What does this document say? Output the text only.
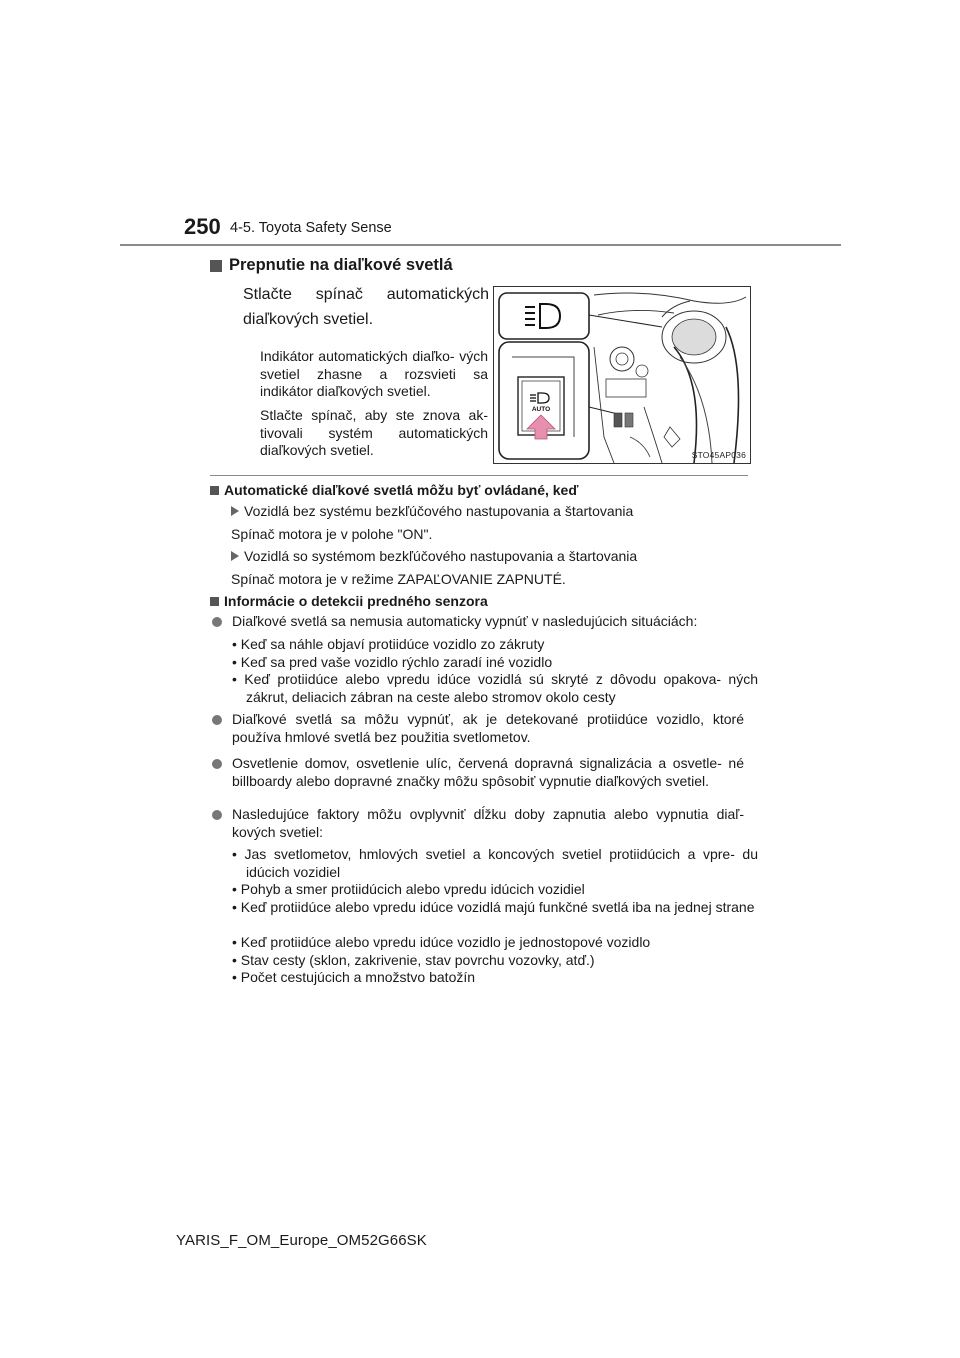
250 4-5. Toyota Safety Sense
Prepnutie na diaľkové svetlá
Stlačte spínač automatických diaľkových svetiel.
Indikátor automatických diaľko- vých svetiel zhasne a rozsvieti sa indikátor diaľkových svetiel.
Stlačte spínač, aby ste znova ak- tivovali systém automatických diaľkových svetiel.
AUTO
STO45AP036
Automatické diaľkové svetlá môžu byť ovládané, keď
Vozidlá bez systému bezkľúčového nastupovania a štartovania
Spínač motora je v polohe "ON".
Vozidlá so systémom bezkľúčového nastupovania a štartovania
Spínač motora je v režime ZAPAĽOVANIE ZAPNUTÉ.
Informácie o detekcii predného senzora
Diaľkové svetlá sa nemusia automaticky vypnúť v nasledujúcich situáciách:
• Keď sa náhle objaví protiidúce vozidlo zo zákruty
• Keď sa pred vaše vozidlo rýchlo zaradí iné vozidlo
• Keď protiidúce alebo vpredu idúce vozidlá sú skryté z dôvodu opakova- ných zákrut, deliacich zábran na ceste alebo stromov okolo cesty
Diaľkové svetlá sa môžu vypnúť, ak je detekované protiidúce vozidlo, ktoré používa hmlové svetlá bez použitia svetlometov.
Osvetlenie domov, osvetlenie ulíc, červená dopravná signalizácia a osvetle- né billboardy alebo dopravné značky môžu spôsobiť vypnutie diaľkových svetiel.
Nasledujúce faktory môžu ovplyvniť dĺžku doby zapnutia alebo vypnutia diaľ- kových svetiel:
• Jas svetlometov, hmlových svetiel a koncových svetiel protiidúcich a vpre- du idúcich vozidiel
• Pohyb a smer protiidúcich alebo vpredu idúcich vozidiel
• Keď protiidúce alebo vpredu idúce vozidlá majú funkčné svetlá iba na jednej strane
• Keď protiidúce alebo vpredu idúce vozidlo je jednostopové vozidlo
• Stav cesty (sklon, zakrivenie, stav povrchu vozovky, atď.)
• Počet cestujúcich a množstvo batožín
YARIS_F_OM_Europe_OM52G66SK
